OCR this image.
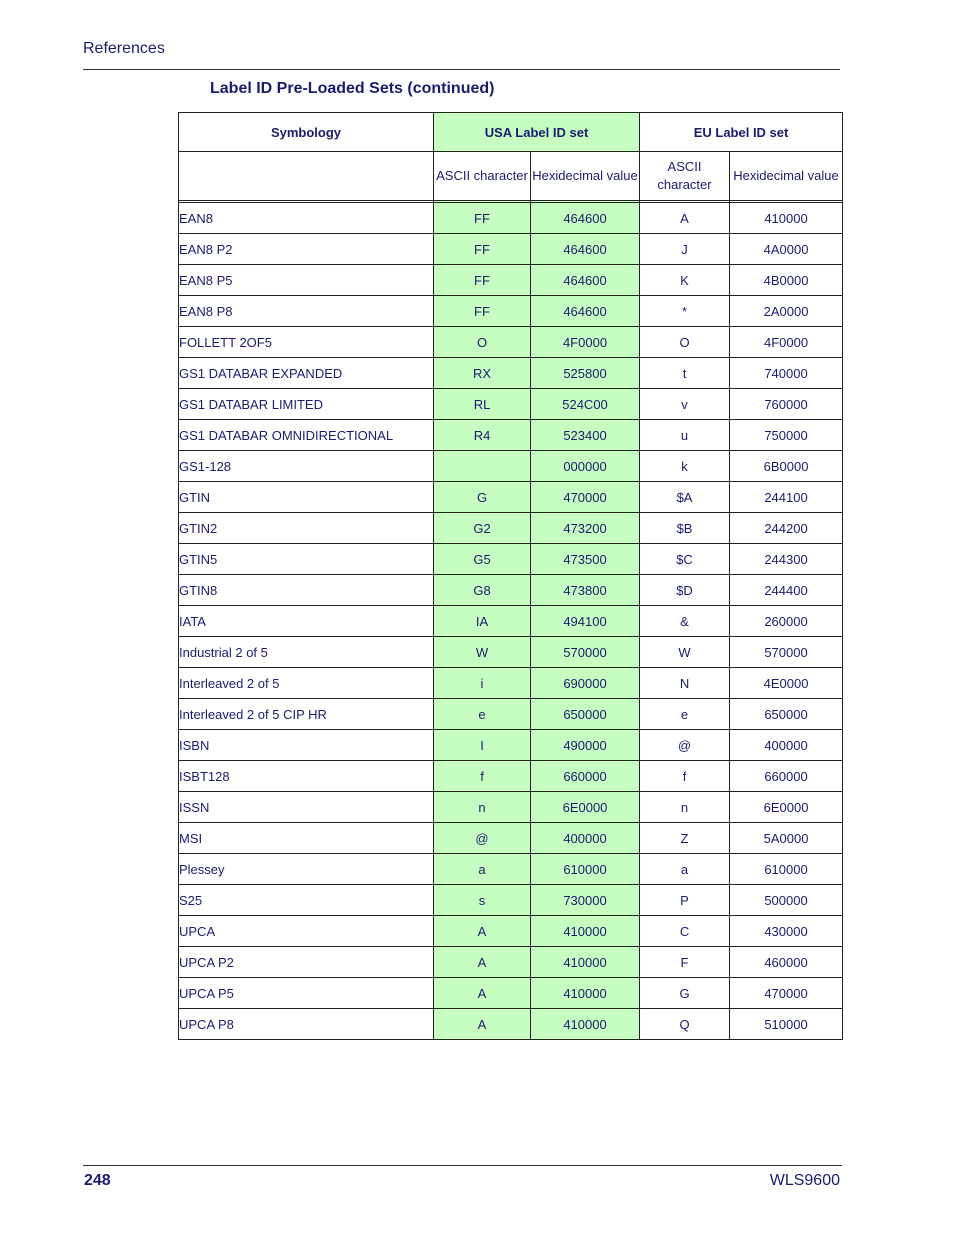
References
Label ID Pre-Loaded Sets (continued)
Symbology	USA Label ID set		EU Label ID set	
	ASCII character	Hexidecimal value	ASCII character	Hexidecimal value

EAN8	FF	464600	A	410000
EAN8 P2	FF	464600	J	4A0000
EAN8 P5	FF	464600	K	4B0000
EAN8 P8	FF	464600	*	2A0000
FOLLETT 2OF5	O	4F0000	O	4F0000
GS1 DATABAR EXPANDED	RX	525800	t	740000
GS1 DATABAR LIMITED	RL	524C00	v	760000
GS1 DATABAR OMNIDIRECTIONAL	R4	523400	u	750000
GS1-128		000000	k	6B0000
GTIN	G	470000	$A	244100
GTIN2	G2	473200	$B	244200
GTIN5	G5	473500	$C	244300
GTIN8	G8	473800	$D	244400
IATA	IA	494100	&	260000
Industrial 2 of 5	W	570000	W	570000
Interleaved 2 of 5	i	690000	N	4E0000
Interleaved 2 of 5 CIP HR	e	650000	e	650000
ISBN	I	490000	@	400000
ISBT128	f	660000	f	660000
ISSN	n	6E0000	n	6E0000
MSI	@	400000	Z	5A0000
Plessey	a	610000	a	610000
S25	s	730000	P	500000
UPCA	A	410000	C	430000
UPCA P2	A	410000	F	460000
UPCA P5	A	410000	G	470000
UPCA P8	A	410000	Q	510000
248	WLS9600
